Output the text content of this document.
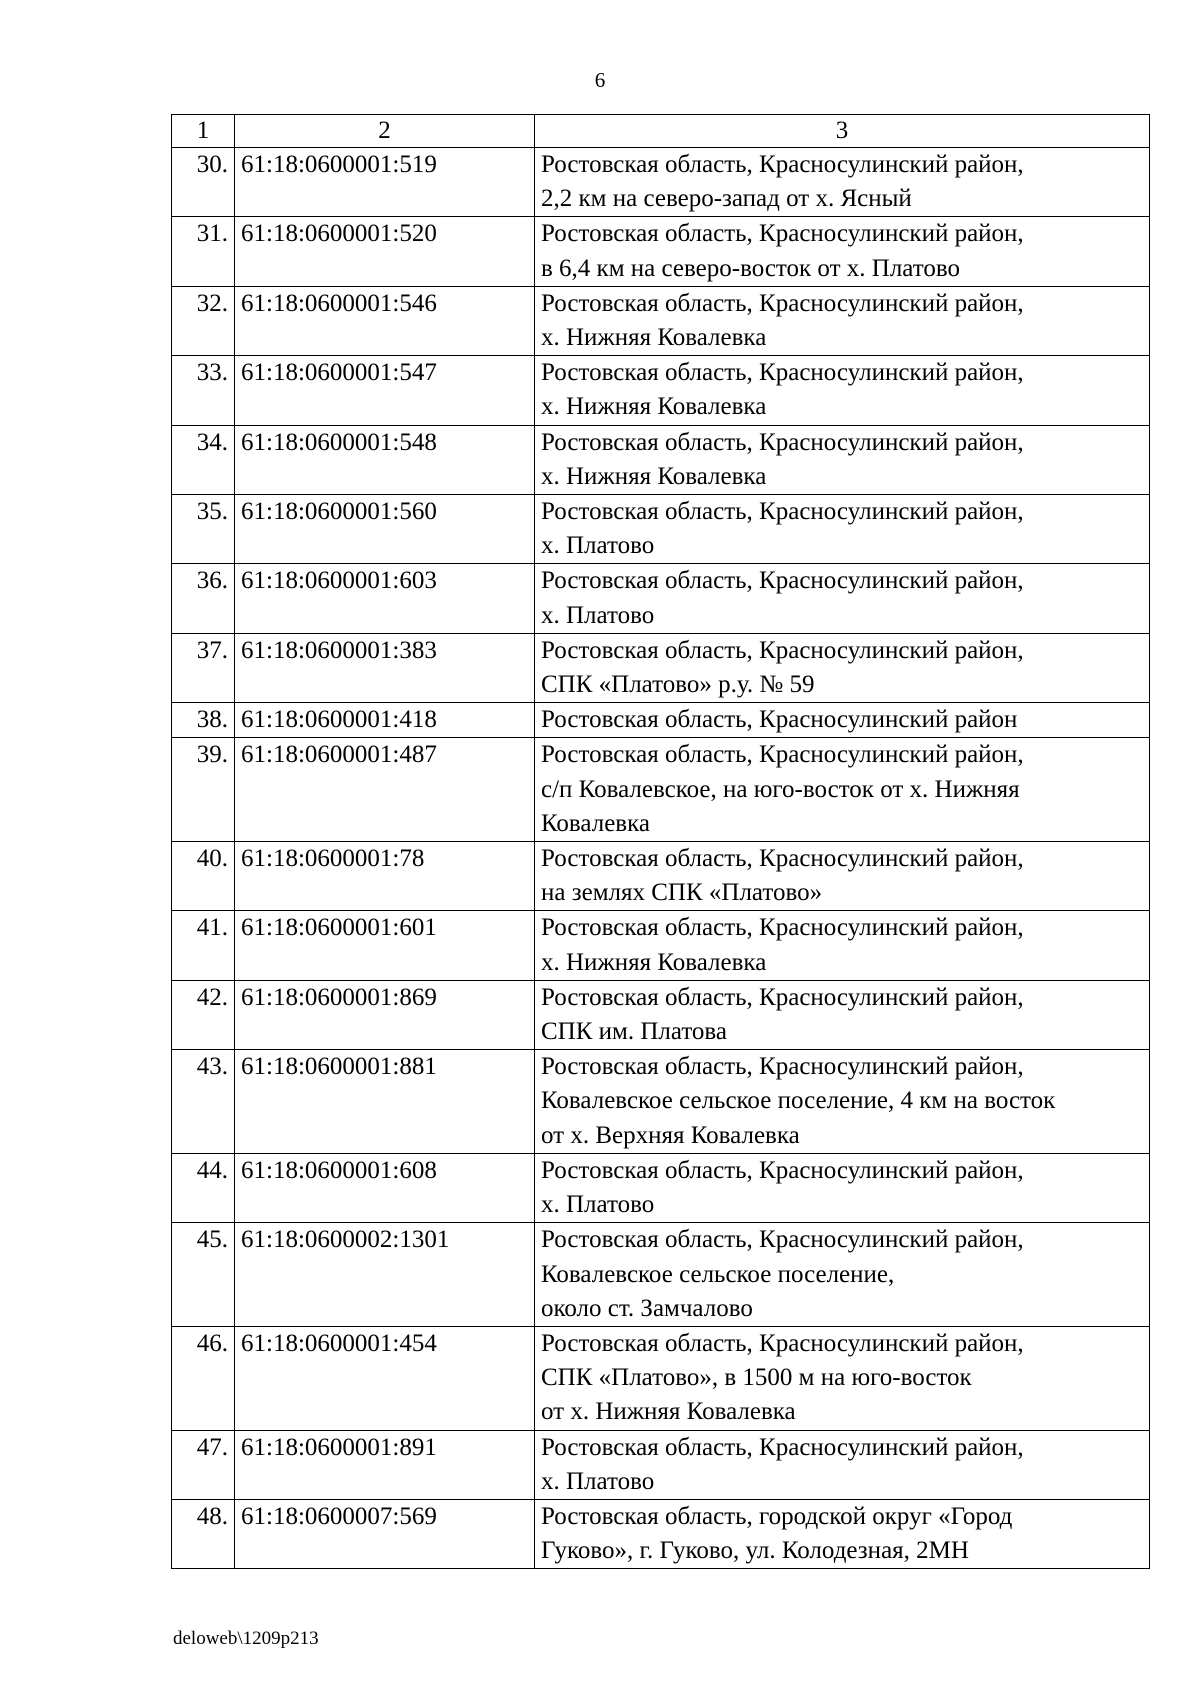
6
1	2	3
30.	61:18:0600001:519	Ростовская область, Красносулинский район,
2,2 км на северо-запад от х. Ясный

31.	61:18:0600001:520	Ростовская область, Красносулинский район,
в 6,4 км на северо-восток от х. Платово

32.	61:18:0600001:546	Ростовская область, Красносулинский район,
х. Нижняя Ковалевка

33.	61:18:0600001:547	Ростовская область, Красносулинский район,
х. Нижняя Ковалевка

34.	61:18:0600001:548	Ростовская область, Красносулинский район,
х. Нижняя Ковалевка

35.	61:18:0600001:560	Ростовская область, Красносулинский район,
х. Платово

36.	61:18:0600001:603	Ростовская область, Красносулинский район,
х. Платово

37.	61:18:0600001:383	Ростовская область, Красносулинский район,
СПК «Платово» р.у. № 59

38.	61:18:0600001:418	Ростовская область, Красносулинский район

39.	61:18:0600001:487	Ростовская область, Красносулинский район,
с/п Ковалевское, на юго-восток от х. Нижняя
Ковалевка

40.	61:18:0600001:78	Ростовская область, Красносулинский район,
на землях СПК «Платово»

41.	61:18:0600001:601	Ростовская область, Красносулинский район,
х. Нижняя Ковалевка

42.	61:18:0600001:869	Ростовская область, Красносулинский район,
СПК им. Платова

43.	61:18:0600001:881	Ростовская область, Красносулинский район,
Ковалевское сельское поселение, 4 км на восток
от х. Верхняя Ковалевка

44.	61:18:0600001:608	Ростовская область, Красносулинский район,
х. Платово

45.	61:18:0600002:1301	Ростовская область, Красносулинский район,
Ковалевское сельское поселение,
около ст. Замчалово

46.	61:18:0600001:454	Ростовская область, Красносулинский район,
СПК «Платово», в 1500 м на юго-восток
от х. Нижняя Ковалевка

47.	61:18:0600001:891	Ростовская область, Красносулинский район,
х. Платово

48.	61:18:0600007:569	Ростовская область, городской округ «Город
Гуково», г. Гуково, ул. Колодезная, 2МН
deloweb\1209р213
